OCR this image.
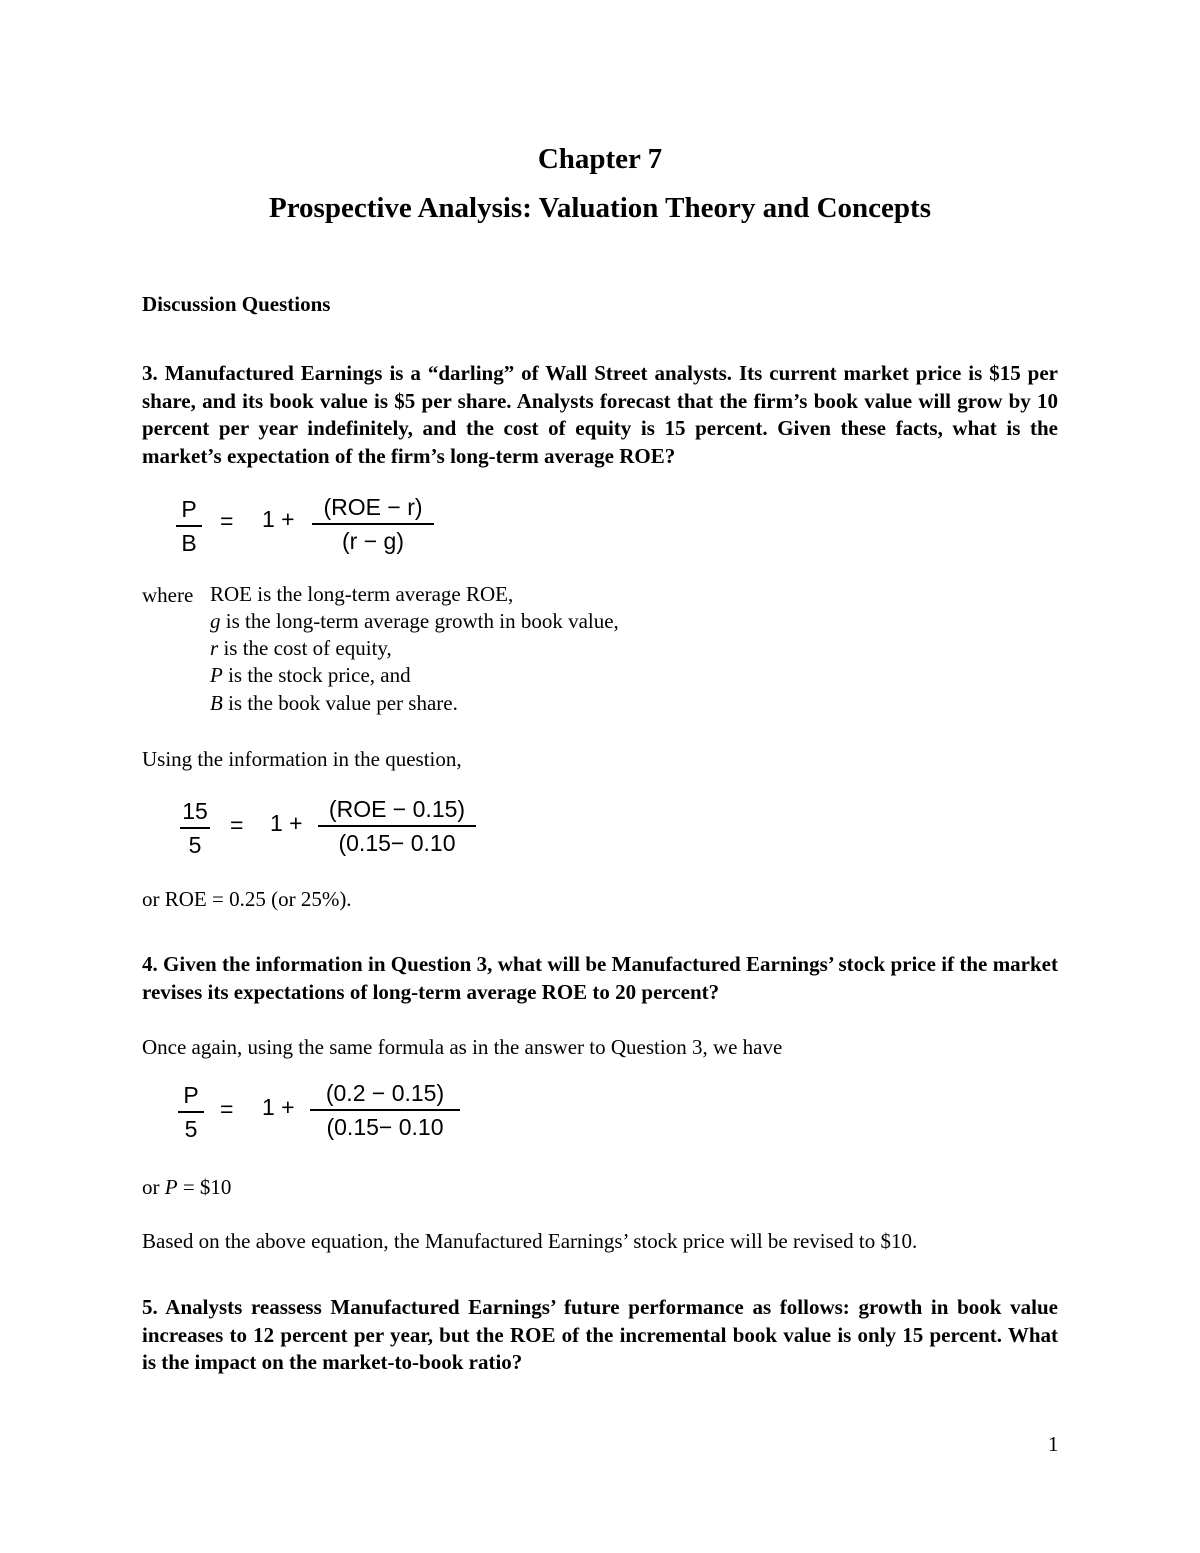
Chapter 7
Prospective Analysis: Valuation Theory and Concepts
Discussion Questions
3. Manufactured Earnings is a “darling” of Wall Street analysts. Its current market price is $15 per share, and its book value is $5 per share. Analysts forecast that the firm’s book value will grow by 10 percent per year indefinitely, and the cost of equity is 15 percent. Given these facts, what is the market’s expectation of the firm’s long-term average ROE?
P
B
= 1 +	(ROE − r)
(r − g)
where ROE is the long-term average ROE,
g is the long-term average growth in book value,
r is the cost of equity,
P is the stock price, and
B is the book value per share.
Using the information in the question,
15
5
= 1 +
(ROE − 0.15)
(0.15− 0.10
or ROE = 0.25 (or 25%).
4. Given the information in Question 3, what will be Manufactured Earnings’ stock price if the market revises its expectations of long-term average ROE to 20 percent?
Once again, using the same formula as in the answer to Question 3, we have
P
5
= 1 +
(0.2 − 0.15)
(0.15− 0.10
or P = $10
Based on the above equation, the Manufactured Earnings’ stock price will be revised to $10.
5. Analysts reassess Manufactured Earnings’ future performance as follows: growth in book value increases to 12 percent per year, but the ROE of the incremental book value is only 15 percent. What is the impact on the market-to-book ratio?
1
